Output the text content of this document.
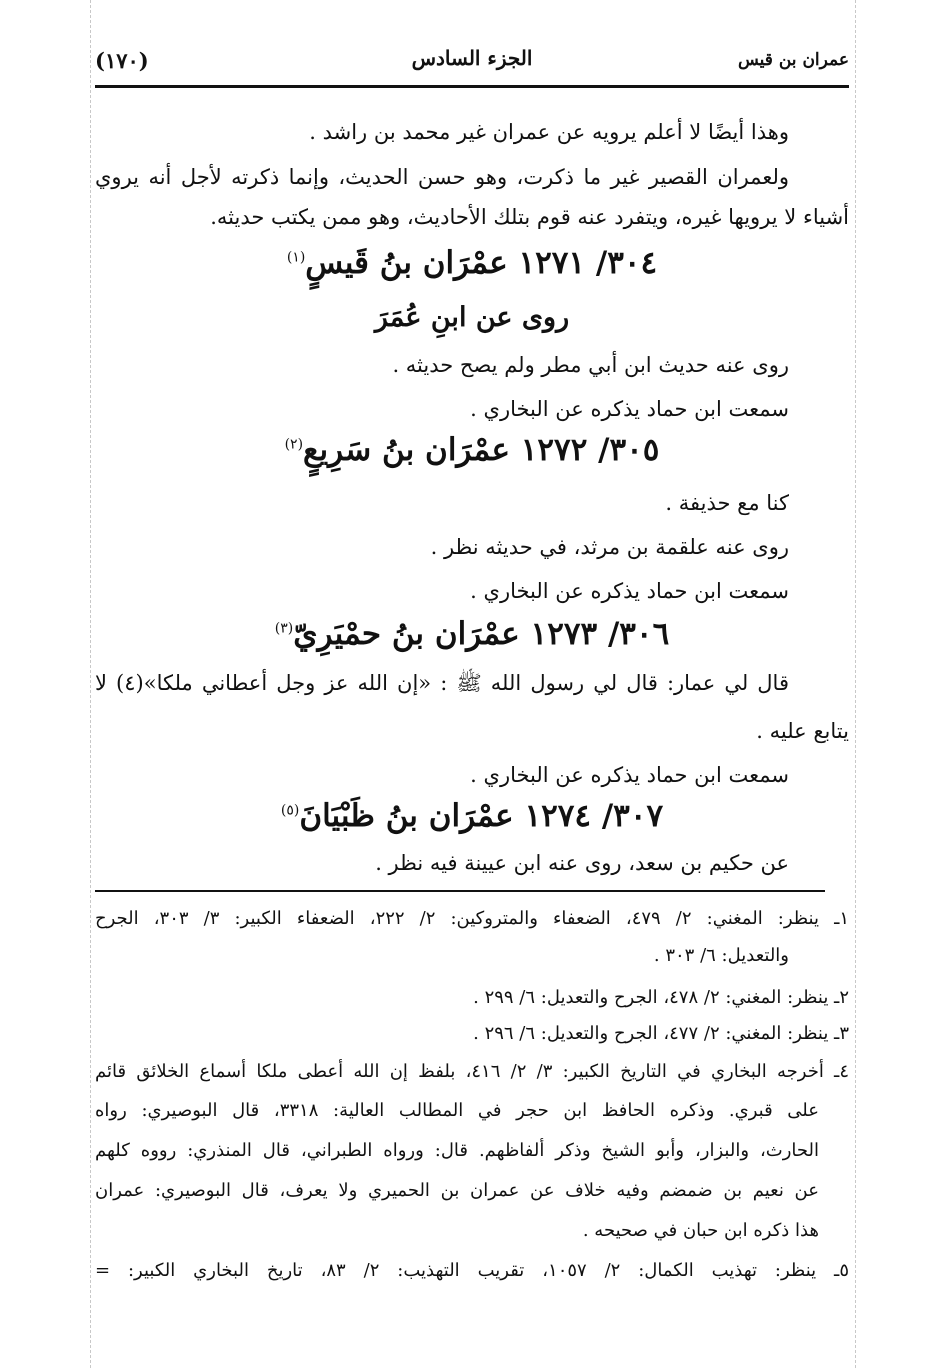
(١٧٠)	الجزء السادس	عمران بن قيس
وهذا أيضًا لا أعلم يرويه عن عمران غير محمد بن راشد .
ولعمران القصير غير ما ذكرت، وهو حسن الحديث، وإنما ذكرته لأجل أنه يروي
أشياء لا يرويها غيره، ويتفرد عنه قوم بتلك الأحاديث، وهو ممن يكتب حديثه.
٣٠٤/ ١٢٧١ عمْرَان بنُ قَيسٍ$^{(١)}$
روى عن ابنِ عُمَرَ
روى عنه حديث ابن أبي مطر ولم يصح حديثه .
سمعت ابن حماد يذكره عن البخاري .
٣٠٥/ ١٢٧٢ عمْرَان بنُ سَرِيعٍ$^{(٢)}$
كنا مع حذيفة .
روى عنه علقمة بن مرثد، في حديثه نظر .
سمعت ابن حماد يذكره عن البخاري .
٣٠٦/ ١٢٧٣ عمْرَان بنُ حمْيَرِيّ$^{(٣)}$
قال لي عمار: قال لي رسول الله ﷺ : «إن الله عز وجل أعطاني ملكا»(٤) لا
يتابع عليه .
سمعت ابن حماد يذكره عن البخاري .
٣٠٧/ ١٢٧٤ عمْرَان بنُ ظَبْيَانَ$^{(٥)}$
عن حكيم بن سعد، روى عنه ابن عيينة فيه نظر .
١ـ ينظر: المغني: ٢/ ٤٧٩، الضعفاء والمتروكين: ٢/ ٢٢٢، الضعفاء الكبير: ٣/ ٣٠٣، الجرح
والتعديل: ٦/ ٣٠٣ .
٢ـ ينظر: المغني: ٢/ ٤٧٨، الجرح والتعديل: ٦/ ٢٩٩ .
٣ـ ينظر: المغني: ٢/ ٤٧٧، الجرح والتعديل: ٦/ ٢٩٦ .
٤ـ أخرجه البخاري في التاريخ الكبير: ٣/ ٢/ ٤١٦، بلفظ إن الله أعطى ملكا أسماع الخلائق قائم
على قبري. وذكره الحافظ ابن حجر في المطالب العالية: ٣٣١٨، قال البوصيري: رواه
الحارث، والبزار، وأبو الشيخ وذكر ألفاظهم. قال: ورواه الطبراني، قال المنذري: رووه كلهم
عن نعيم بن ضمضم وفيه خلاف عن عمران بن الحميري ولا يعرف، قال البوصيري: عمران
هذا ذكره ابن حبان في صحيحه .
٥ـ ينظر: تهذيب الكمال: ٢/ ١٠٥٧، تقريب التهذيب: ٢/ ٨٣، تاريخ البخاري الكبير: =
